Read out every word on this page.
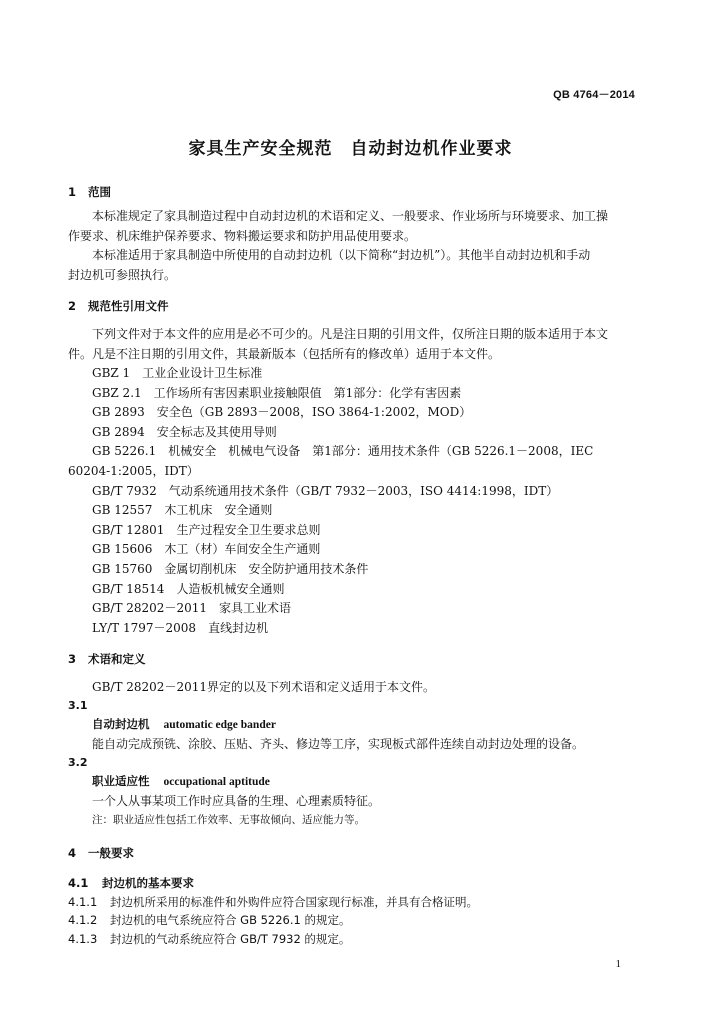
QB 4764－2014
家具生产安全规范 自动封边机作业要求
1 范围
本标准规定了家具制造过程中自动封边机的术语和定义、一般要求、作业场所与环境要求、加工操
作要求、机床维护保养要求、物料搬运要求和防护用品使用要求。
本标准适用于家具制造中所使用的自动封边机（以下简称“封边机”）。其他半自动封边机和手动
封边机可参照执行。
2 规范性引用文件
下列文件对于本文件的应用是必不可少的。凡是注日期的引用文件，仅所注日期的版本适用于本文
件。凡是不注日期的引用文件，其最新版本（包括所有的修改单）适用于本文件。
GBZ 1　工业企业设计卫生标准
GBZ 2.1　工作场所有害因素职业接触限值　第1部分：化学有害因素
GB 2893　安全色（GB 2893－2008，ISO 3864-1:2002，MOD）
GB 2894　安全标志及其使用导则
GB 5226.1　机械安全　机械电气设备　第1部分：通用技术条件（GB 5226.1－2008，IEC
60204-1:2005，IDT）
GB/T 7932　气动系统通用技术条件（GB/T 7932－2003，ISO 4414:1998，IDT）
GB 12557　木工机床　安全通则
GB/T 12801　生产过程安全卫生要求总则
GB 15606　木工（材）车间安全生产通则
GB 15760　金属切削机床　安全防护通用技术条件
GB/T 18514　人造板机械安全通则
GB/T 28202－2011　家具工业术语
LY/T 1797－2008　直线封边机
3 术语和定义
GB/T 28202－2011界定的以及下列术语和定义适用于本文件。
3.1
自动封边机 automatic edge bander
能自动完成预铣、涂胶、压贴、齐头、修边等工序，实现板式部件连续自动封边处理的设备。
3.2
职业适应性 occupational aptitude
一个人从事某项工作时应具备的生理、心理素质特征。
注：职业适应性包括工作效率、无事故倾向、适应能力等。
4 一般要求
4.1 封边机的基本要求
4.1.1 封边机所采用的标准件和外购件应符合国家现行标准，并具有合格证明。
4.1.2 封边机的电气系统应符合 GB 5226.1 的规定。
4.1.3 封边机的气动系统应符合 GB/T 7932 的规定。
1
